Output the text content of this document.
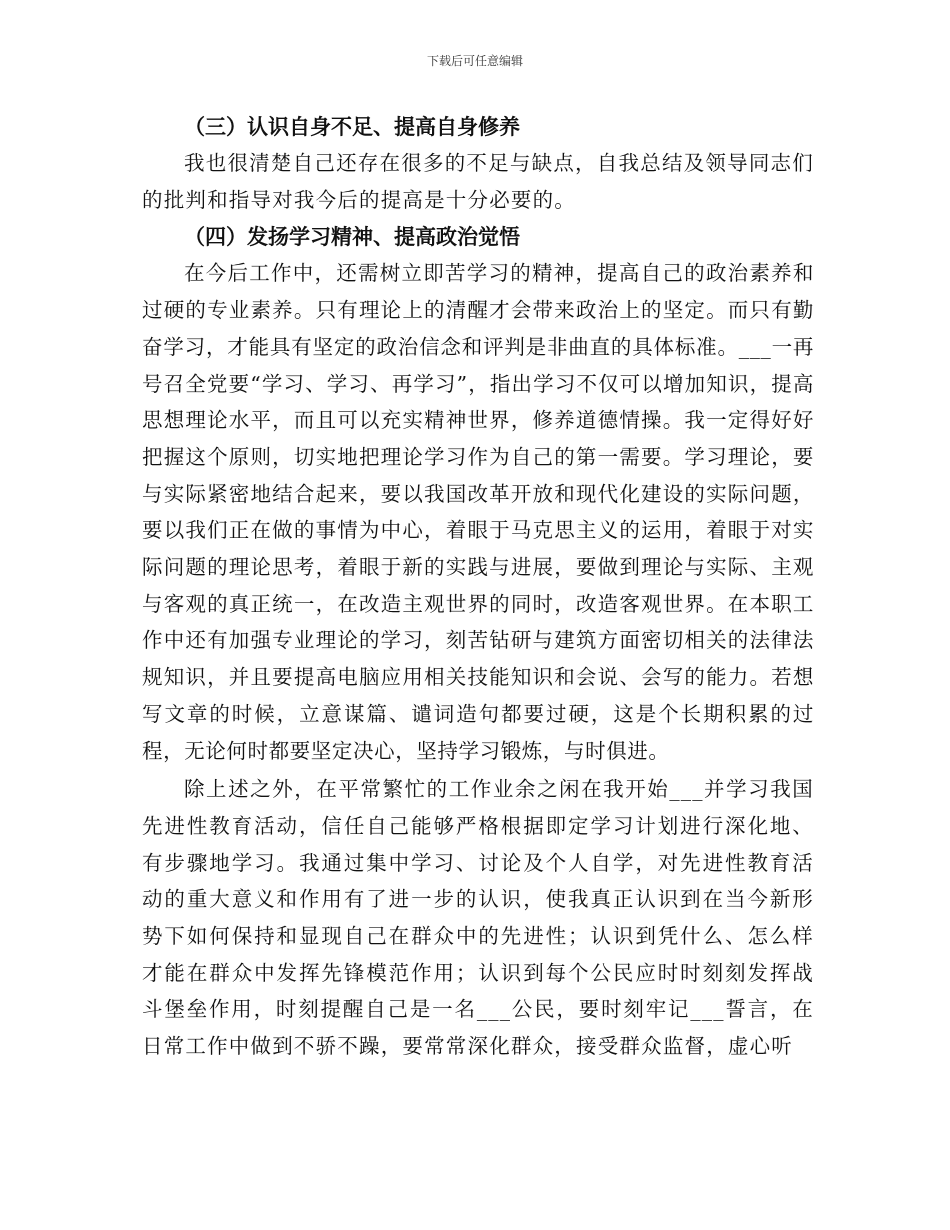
下载后可任意编辑
（三）认识自身不足、提高自身修养

我也很清楚自己还存在很多的不足与缺点，自我总结及领导同志们的批判和指导对我今后的提高是十分必要的。

（四）发扬学习精神、提高政治觉悟

在今后工作中，还需树立即苦学习的精神，提高自己的政治素养和过硬的专业素养。只有理论上的清醒才会带来政治上的坚定。而只有勤奋学习，才能具有坚定的政治信念和评判是非曲直的具体标准。___一再号召全党要“学习、学习、再学习”，指出学习不仅可以增加知识，提高思想理论水平，而且可以充实精神世界，修养道德情操。我一定得好好把握这个原则，切实地把理论学习作为自己的第一需要。学习理论，要与实际紧密地结合起来，要以我国改革开放和现代化建设的实际问题，要以我们正在做的事情为中心，着眼于马克思主义的运用，着眼于对实际问题的理论思考，着眼于新的实践与进展，要做到理论与实际、主观与客观的真正统一，在改造主观世界的同时，改造客观世界。在本职工作中还有加强专业理论的学习，刻苦钻研与建筑方面密切相关的法律法规知识，并且要提高电脑应用相关技能知识和会说、会写的能力。若想写文章的时候，立意谋篇、谴词造句都要过硬，这是个长期积累的过程，无论何时都要坚定决心，坚持学习锻炼，与时俱进。

除上述之外，在平常繁忙的工作业余之闲在我开始___并学习我国先进性教育活动，信任自己能够严格根据即定学习计划进行深化地、有步骤地学习。我通过集中学习、讨论及个人自学，对先进性教育活动的重大意义和作用有了进一步的认识，使我真正认识到在当今新形势下如何保持和显现自己在群众中的先进性；认识到凭什么、怎么样才能在群众中发挥先锋模范作用；认识到每个公民应时时刻刻发挥战斗堡垒作用，时刻提醒自己是一名___公民，要时刻牢记___誓言，在日常工作中做到不骄不躁，要常常深化群众，接受群众监督，虚心听
